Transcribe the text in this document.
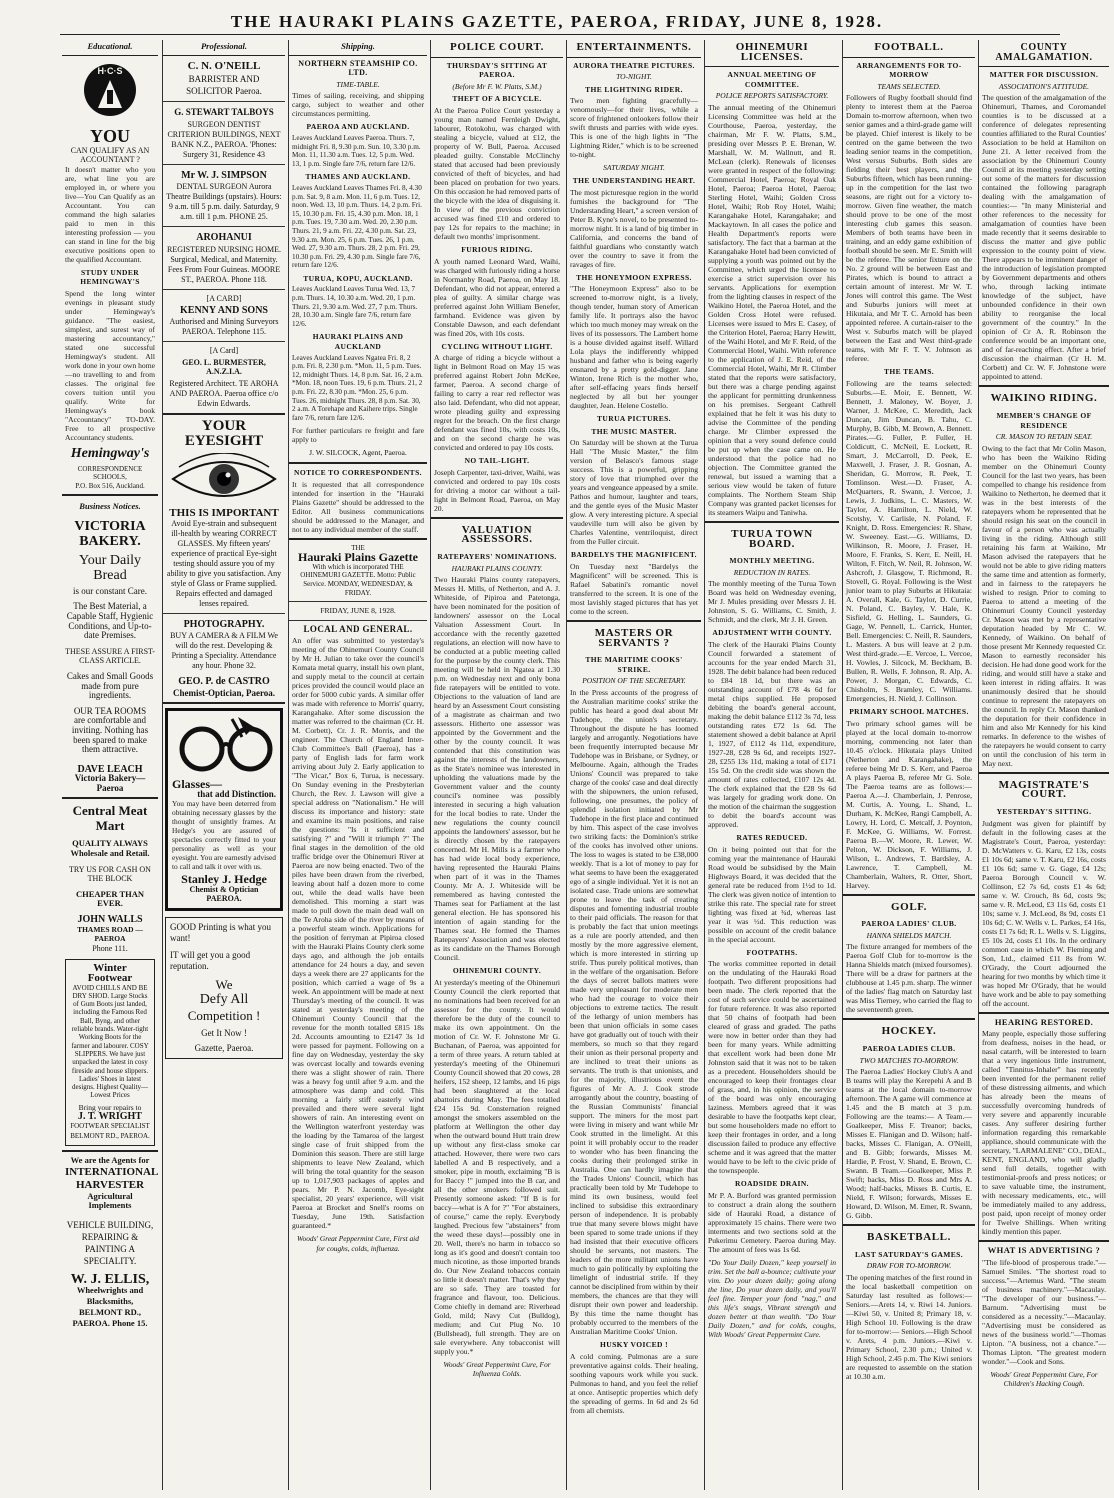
THE HAURAKI PLAINS GAZETTE, PAEROA, FRIDAY, JUNE 8, 1928.
Educational.
H·C·S
YOU
CAN QUALIFY AS AN ACCOUNTANT ?
It doesn't matter who you are, what line you are employed in, or where you live—You Can Qualify as an Accountant. You can command the high salaries paid to men in this interesting profession — you can stand in line for the big executive positions open to the qualified Accountant.
STUDY UNDER HEMINGWAY'S
Spend the long winter evenings in pleasant study under Hemingway's guidance. "The easiest, simplest, and surest way of mastering accountancy," stated one successful Hemingway's student. All work done in your own home—no travelling to and from classes. The original fee covers tuition until you qualify. Write for Hemingway's book "Accountancy" TO-DAY. Free to all prospective Accountancy students.
Hemingway's
CORRESPONDENCE SCHOOLS,
P.O. Box 516, Auckland.
Business Notices.
VICTORIA BAKERY.
Your Daily Bread
is our constant Care.
The Best Material, a Capable Staff, Hygienic Conditions, and Up-to-date Premises.
THESE ASSURE A FIRST-CLASS ARTICLE.
Cakes and Small Goods made from pure ingredients.
OUR TEA ROOMS
are comfortable and inviting. Nothing has been spared to make them attractive.
DAVE LEACH
Victoria Bakery—Paeroa
Central Meat Mart
QUALITY ALWAYS
Wholesale and Retail.
TRY US FOR CASH ON THE BLOCK
CHEAPER THAN EVER.
JOHN WALLS
THAMES ROAD — PAEROA
Phone 111.
Winter Footwear
AVOID CHILLS AND BE DRY SHOD. Large Stocks of Gum Boots just landed, including the Famous Red Ball, Byng, and other reliable brands. Water-tight Working Boots for the farmer and labourer. COSY SLIPPERS. We have just unpacked the latest in cosy fireside and house slippers. Ladies' Shoes in latest designs. Highest Quality—Lowest Prices
Bring your repairs to
J. T. WRIGHT
FOOTWEAR SPECIALIST BELMONT RD., PAEROA.
We are the Agents for
INTERNATIONAL HARVESTER
Agricultural Implements
VEHICLE BUILDING, REPAIRING & PAINTING A SPECIALITY.
W. J. ELLIS,
Wheelwrights and Blacksmiths, BELMONT RD., PAEROA. Phone 15.
Professional.
C. N. O'NEILL
BARRISTER AND SOLICITOR Paeroa.
G. STEWART TALBOYS
SURGEON DENTIST CRITERION BUILDINGS, NEXT BANK N.Z., PAEROA. 'Phones: Surgery 31, Residence 43
Mr W. J. SIMPSON
DENTAL SURGEON Aurora Theatre Buildings (upstairs). Hours: 9 a.m. till 5 p.m. daily. Saturday, 9 a.m. till 1 p.m. PHONE 25.
AROHANUI
REGISTERED NURSING HOME. Surgical, Medical, and Maternity. Fees From Four Guineas. MOORE ST., PAEROA. Phone 118.
[A CARD]
KENNY AND SONS
Authorised and Mining Surveyors PAEROA. Telephone 115.
[A Card]
GEO. L. BURMESTER, A.N.Z.I.A.
Registered Architect. TE AROHA AND PAEROA. Paeroa office c/o Edwin Edwards.
YOUR EYESIGHT
THIS IS IMPORTANT
Avoid Eye-strain and subsequent ill-health by wearing CORRECT GLASSES. My fifteen years' experience of practical Eye-sight testing should assure you of my ability to give you satisfaction. Any style of Glass or Frame supplied. Repairs effected and damaged lenses repaired.
PHOTOGRAPHY.
BUY A CAMERA & A FILM We will do the rest. Developing & Printing a Speciality. Attendance any hour. Phone 32.
GEO. P. de CASTRO
Chemist-Optician, Paeroa.
Glasses—
that add Distinction.
You may have been deterred from obtaining necessary glasses by the thought of unsightly frames. At Hedge's you are assured of spectacles correctly fitted to your personality as well as your eyesight. You are earnestly advised to call and talk it over with us.
Stanley J. Hedge
Chemist & Optician PAEROA.
GOOD Printing is what you want!
IT will get you a good reputation.
We
Defy All
Competition !
Get It Now !
Gazette, Paeroa.
Shipping.
NORTHERN STEAMSHIP CO. LTD.
TIME-TABLE.
Times of sailing, receiving, and shipping cargo, subject to weather and other circumstances permitting.
PAEROA AND AUCKLAND.
Leaves Auckland Leaves Paeroa. Thurs. 7, midnight Fri. 8, 9.30 p.m. Sun. 10, 3.30 p.m. Mon. 11, 11.30 a.m. Tues. 12, 5 p.m. Wed. 13, 1 p.m. Single fare 7/6, return fare 12/6.
THAMES AND AUCKLAND.
Leaves Auckland Leaves Thames Fri. 8, 4.30 p.m. Sat. 9, 8 a.m. Mon. 11, 6 p.m. Tues. 12, noon. Wed. 13, 10 p.m. Thurs. 14, 2 p.m. Fri. 15, 10.30 p.m. Fri. 15, 4.30 p.m. Mon. 18, 1 p.m. Tues. 19, 7.30 a.m. Wed. 20, 2.30 p.m. Thurs. 21, 9 a.m. Fri. 22, 4.30 p.m. Sat. 23, 9.30 a.m. Mon. 25, 6 p.m. Tues. 26, 1 p.m. Wed. 27, 9.30 a.m. Thurs. 28, 2 p.m. Fri. 29, 10.30 p.m. Fri. 29, 4.30 p.m. Single fare 7/6, return fare 12/6.
TURUA, KOPU, AUCKLAND.
Leaves Auckland Leaves Turua Wed. 13, 7 p.m. Thurs. 14, 10.30 a.m. Wed. 20, 1 p.m. Thurs. 21, 9.30 a.m. Wed. 27, 7 p.m. Thurs. 28, 10.30 a.m. Single fare 7/6, return fare 12/6.
HAURAKI PLAINS AND AUCKLAND
Leaves Auckland Leaves Ngatea Fri. 8, 2 p.m. Fri. 8, 2.30 p.m. *Mon. 11, 5 p.m. Tues. 12, midnight Thurs. 14, 8 p.m. Sat. 16, 2 a.m. *Mon. 18, noon Tues. 19, 6 p.m. Thurs. 21, 2 p.m. Fri. 22, 8.30 p.m. *Mon. 25, 6 p.m. Tues. 26, midnight Thurs. 28, 8 p.m. Sat. 30, 2 a.m. A Torehape and Kaihere trips. Single fare 7/6, return fare 12/6.
For further particulars re freight and fare apply to
J. W. SILCOCK, Agent, Paeroa.
NOTICE TO CORRESPONDENTS.
It is requested that all correspondence intended for insertion in the "Hauraki Plains Gazette" should be addressed to the Editor. All business communications should be addressed to the Manager, and not to any individual member of the staff.
THE
Hauraki Plains Gazette
With which is incorporated THE OHINEMURI GAZETTE. Motto: Public Service. MONDAY, WEDNESDAY, & FRIDAY.
FRIDAY, JUNE 8, 1928.
LOCAL AND GENERAL.
An offer was submitted to yesterday's meeting of the Ohinemuri County Council by Mr H. Julian to take over the council's Komata metal quarry, install his own plant, and supply metal to the council at certain prices provided the council would place an order for 5000 cubic yards. A similar offer was made with reference to Morris' quarry, Karangahake. After some discussion the matter was referred to the chairman (Cr. H. M. Corbett), Cr. J. R. Morris, and the engineer. The Church of England Inter-Club Committee's Ball (Paeroa), has a party of English lads for farm work arriving about July 2. Early application to "The Vicar," Box 6, Turua, is necessary. On Sunday evening in the Presbyterian Church, the Rev. J. Lawson will give a special address on "Nationalism." He will discuss its importance and history: state and examine its main positions, and raise the questions: "Is it sufficient and satisfying ?" and "Will it triumph ?" The final stages in the demolition of the old traffic bridge over the Ohinemuri River at Paeroa are now being enacted. Two of the piles have been drawn from the riverbed, leaving about half a dozen more to come out, while the dead walls have been demolished. This morning a start was made to pull down the main dead wall on the Te Aroha side of the river by means of a powerful steam winch. Applications for the position of ferryman at Pipiroa closed with the Hauraki Plains County clerk some days ago, and although the job entails attendance for 24 hours a day, and seven days a week there are 27 applicants for the position, which carried a wage of 9s a week. An appointment will be made at next Thursday's meeting of the council. It was stated at yesterday's meeting of the Ohinemuri County Council that the revenue for the month totalled £815 18s 2d. Accounts amounting to £2147 3s 1d were passed for payment. Following on a fine day on Wednesday, yesterday the sky was overcast locally and towards evening there was a slight shower of rain. There was a heavy fog until after 9 a.m. and the atmosphere was damp and cold. This morning a fairly stiff easterly wind prevailed and there were several light showers of rain. An interesting event on the Wellington waterfront yesterday was the loading by the Tamaroa of the largest single case of fruit shipped from the Dominion this season. There are still large shipments to leave New Zealand, which will bring the total quantity for the season up to 1,017,903 packages of apples and pears. Mr P. N. Jacomb, Eye-sight specialist, 20 years' experience, will visit Paeroa at Brocket and Snell's rooms on Tuesday, June 19th. Satisfaction guaranteed.*
Woods' Great Peppermint Cure, First aid for coughs, colds, influenza.
POLICE COURT.
THURSDAY'S SITTING AT PAEROA.
(Before Mr F. W. Platts, S.M.)
THEFT OF A BICYCLE.
At the Paeroa Police Court yesterday a young man named Fernleigh Dwight, labourer, Rotokohu, was charged with stealing a bicycle, valued at £12, the property of W. Bull, Paeroa. Accused pleaded guilty. Constable McClinchy stated that accused had been previously convicted of theft of bicycles, and had been placed on probation for two years. On this occasion he had removed parts of the bicycle with the idea of disguising it. In view of the previous conviction accused was fined £10 and ordered to pay 12s for repairs to the machine; in default two months' imprisonment.
FURIOUS RIDING.
A youth named Leonard Ward, Waihi, was charged with furiously riding a horse in Normanby Road, Paeroa, on May 18. Defendant, who did not appear, entered a plea of guilty. A similar charge was preferred against John William Benefer, farmhand. Evidence was given by Constable Dawson, and each defendant was fined 20s, with 10s costs.
CYCLING WITHOUT LIGHT.
A charge of riding a bicycle without a light in Belmont Road on May 15 was preferred against Robert John McKee, farmer, Paeroa. A second charge of failing to carry a rear red reflector was also laid. Defendant, who did not appear, wrote pleading guilty and expressing regret for the breach. On the first charge defendant was fined 10s, with costs 10s, and on the second charge he was convicted and ordered to pay 10s costs.
NO TAIL-LIGHT.
Joseph Carpenter, taxi-driver, Waihi, was convicted and ordered to pay 10s costs for driving a motor car without a tail-light in Belmont Road, Paeroa, on May 20.
VALUATION ASSESSORS.
RATEPAYERS' NOMINATIONS.
HAURAKI PLAINS COUNTY.
Two Hauraki Plains county ratepayers, Messrs H. Mills, of Netherton, and A. J. Whiteside, of Pipiroa and Patetonga, have been nominated for the position of landowners' assessor on the Local Valuation Assessment Court. In accordance with the recently gazetted regulations, an election will now have to be conducted at a public meeting called for the purpose by the county clerk. This meeting will be held in Ngatea at 1.30 p.m. on Wednesday next and only bona fide ratepayers will be entitled to vote. Objections to the valuation of land are heard by an Assessment Court consisting of a magistrate as chairman and two assessors. Hitherto one assessor was appointed by the Government and the other by the county council. It was contended that this constitution was against the interests of the landowners, as the State's nominee was interested in upholding the valuations made by the Government valuer and the county council's nominee was possibly interested in securing a high valuation for the local bodies to rate. Under the new regulations the county council appoints the landowners' assessor, but he is directly chosen by the ratepayers concerned. Mr H. Mills is a farmer who has had wide local body experience, having represented the Hauraki Plains when part of it was in the Thames County. Mr A. J. Whiteside will be remembered as having contested the Thames seat for Parliament at the last general election. He has sponsored his intention of again standing for the Thames seat. He formed the Thames Ratepayers' Association and was elected as its candidate on the Thames Borough Council.
OHINEMURI COUNTY.
At yesterday's meeting of the Ohinemuri County Council the clerk reported that no nominations had been received for an assessor for the county. It would therefore be the duty of the council to make its own appointment. On the motion of Cr. W. F. Johnstone Mr G. Buchanan, of Paeroa, was appointed for a term of three years. A return tabled at yesterday's meeting of the Ohinemuri County Council showed that 20 cows, 28 heifers, 152 sheep, 12 lambs, and 16 pigs had been slaughtered at the local abattoirs during May. The fees totalled £24 15s 9d. Consternation reigned amongst the smokers assembled on the platform at Wellington the other day when the outward bound Hutt train drew up without any first-class smoke car attached. However, there were two cars labelled A and B respectively, and a smoker, pipe in mouth, exclaiming "B is for Baccy !" jumped into the B car, and all the other smokers followed suit. Presently someone asked: "If B is for baccy—what is A for ?" "For abstainers, of course," came the reply. Everybody laughed. Precious few "abstainers" from the weed these days!—possibly one in 20. Well, there's no harm in tobacco so long as it's good and doesn't contain too much nicotine, as those imported brands do. Our New Zealand tobaccos contain so little it doesn't matter. That's why they are so safe. They are toasted for fragrance and flavour, too. Delicious. Come chiefly in demand are: Riverhead Gold, mild; Navy Cut (Bulldog), medium; and Cut Plug No. 10 (Bullshead), full strength. They are on sale everywhere. Any tobacconist will supply you.*
Woods' Great Peppermint Cure, For Influenza Colds.
ENTERTAINMENTS.
AURORA THEATRE PICTURES.
TO-NIGHT.
THE LIGHTNING RIDER.
Two men fighting gracefully—venomously—for their lives, while a score of frightened onlookers follow their swift thrusts and parries with wide eyes. This is one of the high lights in "The Lightning Rider," which is to be screened to-night.
SATURDAY NIGHT.
THE UNDERSTANDING HEART.
The most picturesque region in the world furnishes the background for "The Understanding Heart," a screen version of Peter B. Kyne's novel, to be presented to-morrow night. It is a land of big timber in California, and concerns the band of faithful guardians who constantly watch over the country to save it from the ravages of fire.
THE HONEYMOON EXPRESS.
"The Honeymoon Express" also to be screened to-morrow night, is a lively, though tender, human story of American family life. It portrays also the havoc which too much money may wreak on the lives of its possessors. The Lambert home is a house divided against itself. Willard Lola plays the indifferently whipped husband and father who is being eagerly ensnared by a pretty gold-digger. Jane Winton, Irene Rich is the mother who, after self-effacing years finds herself neglected by all but her younger daughter, Jean. Helene Costello.
TURUA PICTURES.
THE MUSIC MASTER.
On Saturday will be shown at the Turua Hall "The Music Master," the film version of Belasco's famous stage success. This is a powerful, gripping story of love that triumphed over the years and vengeance appeased by a smile. Pathos and humour, laughter and tears, and the gentle eyes of the Music Master glow. A very interesting picture. A special vaudeville turn will also be given by Charles Valentine, ventriloquist, direct from the Fuller circuit.
BARDELYS THE MAGNIFICENT.
On Tuesday next "Bardelys the Magnificent" will be screened. This is Rafael Sabatini's romantic novel transferred to the screen. It is one of the most lavishly staged pictures that has yet come to the screen.
MASTERS OR SERVANTS ?
THE MARITIME COOKS' STRIKE.
POSITION OF THE SECRETARY.
In the Press accounts of the progress of the Australian maritime cooks' strike the public has heard a good deal about Mr Tudehope, the union's secretary. Throughout the dispute he has loomed largely and arrogantly. Negotiations have been frequently interrupted because Mr Tudehope was in Brisbane, or Sydney, or Melbourne. Again, although the Trades Unions' Council was prepared to take charge of the cooks' case and deal directly with the shipowners, the union refused, following, one presumes, the policy of splendid isolation initiated by Mr Tudehope in the first place and continued by him. This aspect of the case involves two striking facts: the Dominion's strike of the cooks has involved other unions. The loss to wages is stated to be £38,000 weekly. That is a lot of money to pay for what seems to have been the exaggerated ego of a single individual. Yet it is not an isolated case. Trade unions are somewhat prone to leave the task of creating disputes and fomenting industrial trouble to their paid officials. The reason for that is probably the fact that union meetings as a rule are poorly attended, and then mostly by the more aggressive element, which is more interested in stirring up strife. Thus purely political motives, than in the welfare of the organisation. Before the days of secret ballots matters were made very unpleasant for moderate men who had the courage to voice their objections to extreme tactics. The result of the lethargy of union members has been that union officials in some cases have got gradually out of touch with their members, so much so that they regard their union as their personal property and are inclined to treat their unions as servants. The truth is that unionists, and for the majority, illustrious event the figures of Mr A. J. Cook strode arrogantly about the country, boasting of the Russian Communists' financial support. The miners for the most part were living in misery and want while Mr Cook strutted in the limelight. At this point it will probably occur to the reader to wonder who has been financing the cooks during their prolonged strike in Australia. One can hardly imagine that the Trades Unions' Council, which has practically been told by Mr Tudehope to mind its own business, would feel inclined to subsidise this extraordinary person of independence. It is probably true that many severe blows might have been spared to some trade unions if they had insisted that their executive officers should be servants, not masters. The leaders of the more militant unions have much to gain politically by exploiting the limelight of industrial strife. If they cannot be disciplined from within by their members, the chances are that they will disrupt their own power and leadership. By this time the name thought has probably occurred to the members of the Australian Maritime Cooks' Union.
HUSKY VOICED !
A cold coming. Pulmonas are a sure preventative against colds. Their healing, soothing vapours work while you suck. Pulmonas to hand, and you feel the relief at once. Antiseptic properties which defy the spreading of germs. In 6d and 2s 6d from all chemists.
OHINEMURI LICENSES.
ANNUAL MEETING OF COMMITTEE.
POLICE REPORTS SATISFACTORY.
The annual meeting of the Ohinemuri Licensing Committee was held at the Courthouse, Paeroa, yesterday, the chairman, Mr F. W. Platts, S.M., presiding over Messrs P. E. Brenan, W. Marshall, W. M. Wallnutt, and R. McLean (clerk). Renewals of licenses were granted in respect of the following: Commercial Hotel, Paeroa; Royal Oak Hotel, Paeroa; Paeroa Hotel, Paeroa; Sterling Hotel, Waihi; Golden Cross Hotel, Waihi; Rob Roy Hotel, Waihi; Karangahake Hotel, Karangahake; and Mackaytown. In all cases the police and Health Department's reports were satisfactory. The fact that a barman at the Karangahake Hotel had been convicted of supplying a youth was pointed out by the Committee, which urged the licensee to exercise a strict supervision over his servants. Applications for exemption from the lighting clauses in respect of the Waikino Hotel, the Paeroa Hotel, and the Golden Cross Hotel were refused. Licenses were issued to Mrs E. Casey, of the Criterion Hotel, Paeroa; Harry Hewitt, of the Waihi Hotel, and Mr F. Reid, of the Commercial Hotel, Waihi. With reference to the application of J. E. Reid, of the Commercial Hotel, Waihi, Mr R. Climber stated that the reports were satisfactory, but there was a charge pending against the applicant for permitting drunkenness on his premises. Sergeant Cathrell explained that he felt it was his duty to advise the Committee of the pending charge. Mr Climber expressed the opinion that a very sound defence could be put up when the case came on. He understood that the police had no objection. The Committee granted the renewal, but issued a warning that a serious view would be taken of future complaints. The Northern Steam Ship Company was granted packet licenses for its steamers Waipu and Taniwha.
TURUA TOWN BOARD.
MONTHLY MEETING.
REDUCTION IN RATES.
The monthly meeting of the Turua Town Board was held on Wednesday evening, Mr J. Mules presiding over Messrs J. H. Johnston, S. G. Williams, C. Smith, J. Schmidt, and the clerk, Mr J. H. Green.
ADJUSTMENT WITH COUNTY.
The clerk of the Hauraki Plains County Council forwarded a statement of accounts for the year ended March 31, 1928. The debit balance had been reduced to £84 18 1d, but there was an outstanding account of £78 4s 6d for metal chips supplied. He proposed debiting the board's general account, making the debit balance £112 3s 7d, less outstanding rates £72 1s 6d. The statement showed a debit balance at April 1, 1927, of £112 4s 11d, expenditure, 1927-28, £28 9s 6d, and receipts 1927-28, £255 13s 11d, making a total of £171 15s 5d. On the credit side was shown the amount of rates collected, £107 12s 4d. The clerk explained that the £28 9s 6d was largely for grading work done. On the motion of the chairman the suggestion to debit the board's account was approved.
RATES REDUCED.
On it being pointed out that for the coming year the maintenance of Hauraki Road would be subsidised by the Main Highways Board, it was decided that the general rate be reduced from 1½d to 1d. The clerk was given notice of intention to strike this rate. The special rate for street lighting was fixed at ¾d, whereas last year it was ½d. This reduction was possible on account of the credit balance in the special account.
FOOTPATHS.
The works committee reported in detail on the undulating of the Hauraki Road footpath. Two different propositions had been made. The clerk reported that the cost of such service could be ascertained for future reference. It was also reported that 50 chains of footpath had been cleared of grass and graded. The paths were now in better order than they had been for many years. While admitting that excellent work had been done Mr Johnston said that it was not to be taken as a precedent. Householders should be encouraged to keep their frontages clear of grass, and, in his opinion, the service of the board was only encouraging laziness. Members agreed that it was desirable to have the footpaths kept clear, but some householders made no effort to keep their frontages in order, and a long discussion failed to produce any effective scheme and it was agreed that the matter would have to be left to the civic pride of the townspeople.
ROADSIDE DRAIN.
Mr P. A. Burford was granted permission to construct a drain along the southern side of Hauraki Road, a distance of approximately 15 chains. There were two interments and two sections sold at the Pukerimu Cemetery. Paeroa during May. The amount of fees was 1s 6d.
"Do Your Daily Dozen," keep yourself in trim. Set the ball a-bounce; cultivate your vim. Do your dozen daily; going along the line, Do your dozen daily, and you'll feel fine. Temper your fond "nag," and this life's snags, Vibrant strength and dozen better at than wealth. "Do Your Daily Dozen," and for colds, coughs, With Woods' Great Peppermint Cure.
FOOTBALL.
ARRANGEMENTS FOR TO-MORROW
TEAMS SELECTED.
Followers of Rugby football should find plenty to interest them at the Paeroa Domain to-morrow afternoon, when two senior games and a third-grade game will be played. Chief interest is likely to be centred on the game between the two leading senior teams in the competition, West versus Suburbs. Both sides are fielding their best players, and the Suburbs fifteen, which has been running-up in the competition for the last two seasons, are right out for a victory to-morrow. Given fine weather, the match should prove to be one of the most interesting club games this season. Members of both teams have been in training, and an eddy game exhibition of football should be seen. Mr E. Smith will be the referee. The senior fixture on the No. 2 ground will be between East and Pirates, which is bound to attract a certain amount of interest. Mr W. T. Jones will control this game. The West and Suburbs juniors will meet at Hikutaia, and Mr T. C. Arnold has been appointed referee. A curtain-raiser to the West v. Suburbs match will be played between the East and West third-grade teams, with Mr F. T. V. Johnson as referee.
THE TEAMS.
Following are the teams selected: Suburbs.—E. Moir, E. Bennett, W. Bennett, J. Maloney, W. Boyer, J. Warner, J. McKee, C. Meredith, Jack Duncan, Jim Duncan, B. Tahu, C. Murphy, B. Gibb, M. Brown, A. Bennett. Pirates.—G. Fuller, P. Fuller, H. Coldicutt, C. McNeil, E. Lockett, R. Smart, J. McCarroll, D. Peek, E. Maxwell, J. Fraser, J. R. Gosnan, A. Sheridan, G. Morrow, R. Peek, T. Tomlinson. West.—D. Fraser, A. McQuarters, R. Swann, J. Vercoe, J. Lewis, J. Judkins, L. C. Masters, W. Taylor, A. Hamilton, L. Nield, W. Scotshy, V. Carlisle, N. Poland, F. Knight, D. Ross. Emergencies: R. Shaw, W. Sweeney. East.—G. Williams, D. Wilkinson, R. Moore, J. Fraser, H. Moore, F. Franks, S. Kerr, E. Neill, H. Wilton, F. Fitch, W. Neil, R. Johnson, W. Ashcroft, J. Glasgow, T. Richmond, R. Stovell, G. Royal. Following is the West junior team to play Suburbs at Hikutaia: A. Overall, Kale, G. Taylor, D. Currie, N. Poland, C. Bayley, V. Hale, K. Sisfield, G. Helling, L. Saunders, G. Gage, W. Pennell, L. Carrick, Hunter, Bell. Emergencies: C. Neill, R. Saunders, L. Masters. A bus will leave at 2 p.m. West third-grade.—E. Vercoe, L. Vercoe, H. Vowles, J. Silcock, M. Beckham, B. Bullen, R. Wells, F. Johnson, R. Alp, A. Power, J. Morgan, C. Edwards, C. Chisholm, S. Bramley, C. Williams. Emergencies, H. Nield, J. Collinson.
PRIMARY SCHOOL MATCHES.
Two primary school games will be played at the local domain to-morrow morning, commencing not later than 10.45 o'clock. Hikutaia plays United (Netherton and Karangahake), the referee being Mr D. S. Kerr, and Paeroa A plays Paeroa B, referee Mr G. Sole. The Paeroa teams are as follows:— Paeroa A.—J. Chamberlain, J. Penrose, M. Curtis, A. Young, L. Shand, L. Durham, K. McKee, Rangi Campbell, A. Lowry, H. Lord, C. Metcalf, J. Poynton, F. McKee, G. Williams, W. Forrest. Paeroa B.—W. Moore, R. Lewer, W. Pelton, W. Dickson, F. Williams, J. Wilson, L. Andrews, T. Bardsley, A. Lawrence, T. Campbell, M. Chamberlain, Walters, R. Otter, Short, Harvey.
GOLF.
PAEROA LADIES' CLUB.
HANNA SHIELDS MATCH.
The fixture arranged for members of the Paeroa Golf Club for to-morrow is the Hanna Shields match (mixed foursomes). There will be a draw for partners at the clubhouse at 1.45 p.m. sharp. The winner of the ladies' flag match on Saturday last was Miss Tierney, who carried the flag to the seventeenth green.
HOCKEY.
PAEROA LADIES CLUB.
TWO MATCHES TO-MORROW.
The Paeroa Ladies' Hockey Club's A and B teams will play the Kerepehi A and B teams at the local domain to-morrow afternoon. The A game will commence at 1.45 and the B match at 3 p.m. Following are the teams:— A Team.—Goalkeeper, Miss F. Treanor; backs, Misses E. Flanigan and D. Wilson; half-backs, Misses C. Flanigan, A. O'Neill, and B. Gibb; forwards, Misses M. Hardie, P. Frost, V. Shand, E. Brown, C. Swann. B Team.—Goalkeeper, Miss P. Swift; backs, Miss D. Ross and Mrs A. Wood; half-backs, Misses B. Curtis, E. Nield, F. Wilson; forwards, Misses E. Howard, D. Wilson, M. Emer, R. Swann, G. Gibb.
BASKETBALL.
LAST SATURDAY'S GAMES.
DRAW FOR TO-MORROW.
The opening matches of the first round in the local basketball competition on Saturday last resulted as follows:— Seniors.—Arets 14, v. Riwi 14. Juniors.—Kiwi 50, v. United 8; Primary 18, v. High School 10. Following is the draw for to-morrow:— Seniors.—High School v. Arets, 4 p.m. Juniors.—Kiwi v. Primary School, 2.30 p.m.; United v. High School, 2.45 p.m. The Kiwi seniors are requested to assemble on the station at 10.30 a.m.
COUNTY AMALGAMATION.
MATTER FOR DISCUSSION.
ASSOCIATION'S ATTITUDE.
The question of the amalgamation of the Ohinemuri, Thames, and Coromandel counties is to be discussed at a conference of delegates representing counties affiliated to the Rural Counties' Association to be held at Hamilton on June 21. A letter received from the association by the Ohinemuri County Council at its meeting yesterday setting out some of the matters for discussion contained the following paragraph dealing with the amalgamation of counties:— "In many Ministerial and other references to the necessity for amalgamation of counties have been made recently that it seems desirable to discuss the matter and give public expression to the county point of view. There appears to be imminent danger of the introduction of legislation prompted by Government departments and others who, through lacking intimate knowledge of the subject, have unbounded confidence in their own ability to reorganise the local government of the country." In the opinion of Cr A. R. Robinson the conference would be an important one, and of far-reaching effect. After a brief discussion the chairman (Cr H. M. Corbett) and Cr. W. F. Johnstone were appointed to attend.
WAIKINO RIDING.
MEMBER'S CHANGE OF RESIDENCE
CR. MASON TO RETAIN SEAT.
Owing to the fact that Mr Colin Mason, who has been the Waikino Riding member on the Ohinemuri County Council for the last two years, has been compelled to change his residence from Waikino to Netherton, he deemed that it was in the best interests of the ratepayers whom he represented that he should resign his seat on the council in favour of a person who was actually living in the riding. Although still retaining his farm at Waikino, Mr Mason advised the ratepayers that he would not be able to give riding matters the same time and attention as formerly, and in fairness to the ratepayers he wished to resign. Prior to coming to Paeroa to attend a meeting of the Ohinemuri County Council yesterday Cr. Mason was met by a representative deputation headed by Mr C. W. Kennedy, of Waikino. On behalf of those present Mr Kennedy requested Cr. Mason to earnestly reconsider his decision. He had done good work for the riding, and would still have a stake and keen interest in riding affairs. It was unanimously desired that he should continue to represent the ratepayers on the council. In reply Cr. Mason thanked the deputation for their confidence in him and also Mr Kennedy for his kind remarks. In deference to the wishes of the ratepayers he would consent to carry on until the conclusion of his term in May next.
MAGISTRATE'S COURT.
YESTERDAY'S SITTING.
Judgment was given for plaintiff by default in the following cases at the Magistrate's Court, Paeroa, yesterday: D. McWatters v. G. Karu, £2 13s, costs £1 10s 6d; same v. T. Karu, £2 16s, costs £1 10s 6d; same v. G. Gage, £4 12s; Paeroa Borough Council v. W. Collinson, £2 7s 6d, costs £1 4s 6d; same v. W. Crouch, 8s 6d, costs 9s; same v. R. McLeod, £3 11s 6d, costs £1 10s; same v. J. McLeod, 8s 9d, costs £1 10s 6d; C. W. Wells v. L. Parkes, £4 16s, costs £1 7s 6d; R. L. Wells v. S. Liggins, £5 10s 2d, costs £1 10s. In the ordinary common case in which W. Fleming and Son, Ltd., claimed £11 8s from W. O'Grady, the Court adjourned the hearing for two months by which time it was hoped Mr O'Grady, that he would have work and be able to pay something off the account.
HEARING RESTORED.
Many people, especially those suffering from deafness, noises in the head, or nasal catarrh, will be interested to learn that a very ingenious little instrument, called "Tinnitus-Inhaler" has recently been invented for the permanent relief of these distressing ailments, and which has already been the means of successfully overcoming hundreds of very severe and apparently incurable cases. Any sufferer desiring further information regarding this remarkable appliance, should communicate with the secretary, "LARMALENE" CO., DEAL, KENT, ENGLAND, who will gladly send full details, together with testimonial-proofs and press notices; or to save valuable time, the instrument, with necessary medicaments, etc., will be immediately mailed to any address, post paid, upon receipt of money order for Twelve Shillings. When writing kindly mention this paper.
WHAT IS ADVERTISING ?
"The life-blood of prosperous trade."—Samuel Smiles. "The shortest road to success."—Artemus Ward. "The steam of business machinery."—Macaulay. "The developer of our business."—Barnum. "Advertising must be considered as a necessity."—Macaulay. "Advertising must be considered as news of the business world."—Thomas Lipton. "A business, not a chance."—Thomas Lipton. "The greatest modern wonder."—Cook and Sons.
Woods' Great Peppermint Cure, For Children's Hacking Cough.
